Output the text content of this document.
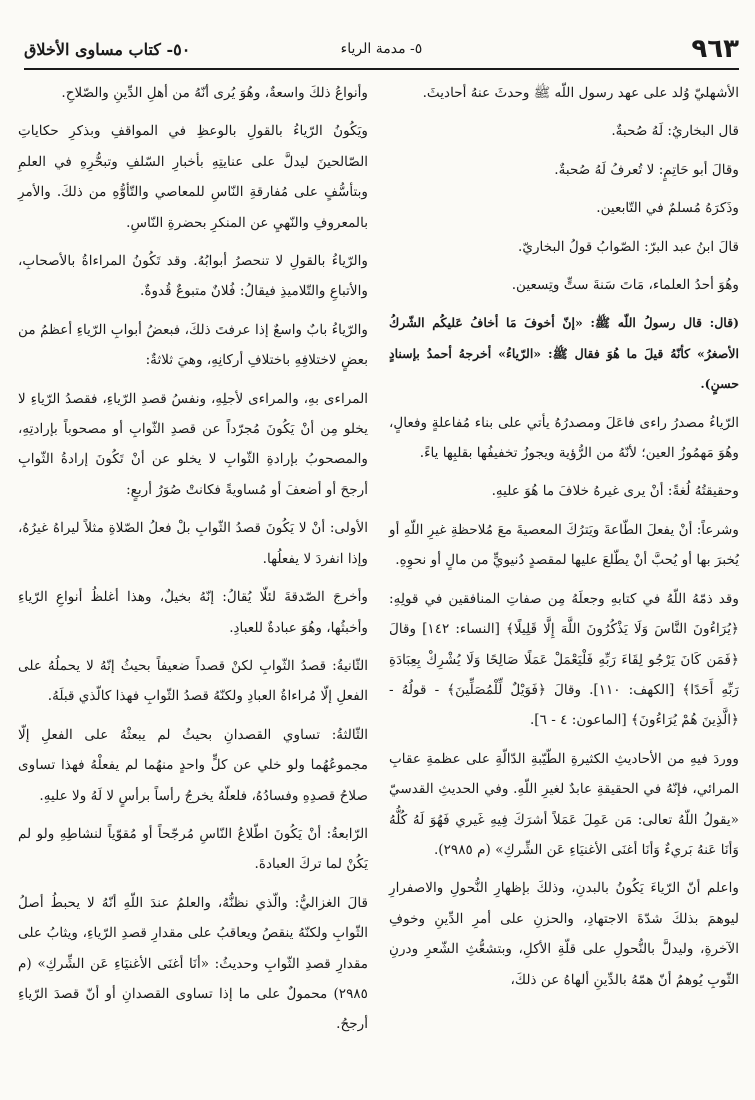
٩٦٣
٥- مدمة الرياء
٥٠- كتاب مساوى الأخلاق

الأشهليّ وُلد على عهد رسول اللّه ﷺ وحدثَ عنهُ أحاديثَ.

قال البخاريُ: لَهُ صُحبةٌ.

وقالَ أبو حَاتِمٍ: لا تُعرفُ لَهُ صُحبةٌ.

وذَكرَهُ مُسلمٌ في التّابعين.

قالَ ابنُ عبد البرّ: الصّوابُ قولُ البخاريّ.

وهُوَ أحدُ العلماء، مَاتَ سَنةَ ستٍّ وتِسعين.

(قال: قال رسولُ اللّه ﷺ: «إنّ أخوفَ مَا أخافُ عَليكُم الشّركُ الأصغرُ» كأنّهُ قيلَ ما هُوَ فقال ﷺ: «الرّياءُ» أخرجهُ أحمدُ بإسنادٍ حسنٍ).

الرّياءُ مصدرُ راءى فاعَلَ ومصدرُهُ يأتي على بناء مُفاعلةٍ وفعالٍ، وهُوَ مَهمُوزُ العين؛ لأنّهُ من الرُّؤية ويجوزُ تخفيفُها بقلبِها ياءً.

وحقيقتُهُ لُغةً: أنْ يرى غيرهُ خلافَ ما هُوَ عليهِ.

وشرعاً: أنْ يفعلَ الطّاعةَ ويَترُكَ المعصيةَ معَ مُلاحظةِ غيرِ اللّهِ أو يُخبرَ بها أو يُحبَّ أنْ يطّلعَ عليها لمقصدٍ دُنيويٍّ من مالٍ أو نحوِهِ.

وقد ذمّهُ اللّهُ في كتابهِ وجعلَهُ مِن صفاتِ المنافقين في قولِهِ: ﴿يُرَاءُونَ النَّاسَ وَلَا يَذْكُرُونَ اللَّهَ إِلَّا قَلِيلًا﴾ [النساء: ١٤٢] وقالَ ﴿فَمَن كَانَ يَرْجُو لِقَاءَ رَبِّهِ فَلْيَعْمَلْ عَمَلًا صَالِحًا وَلَا يُشْرِكْ بِعِبَادَةِ رَبِّهِ أَحَدًا﴾ [الكهف: ١١٠]. وقالَ ﴿فَوَيْلٌ لِّلْمُصَلِّينَ﴾ - قولُهُ - ﴿الَّذِينَ هُمْ يُرَاءُونَ﴾ [الماعون: ٤ - ٦].

ووردَ فيهِ من الأحاديثِ الكثيرةِ الطّيّبةِ الدّالّةِ على عظمةِ عقابِ المرائي، فإنّهُ في الحقيقةِ عابدٌ لغيرِ اللّهِ. وفي الحديثِ القدسيّ «يقولُ اللّهُ تعالى: مَن عَمِلَ عَمَلاً أشرَكَ فِيهِ غَيري فَهُوَ لَهُ كُلُّهُ وَأنَا عَنهُ بَريءٌ وَأنَا أغنَى الأغنيَاءِ عَن الشِّركِ» (م ٢٩٨٥).

واعلم أنّ الرّياءَ يَكُونُ بالبدنِ، وذلكَ بإظهارِ النُّحولِ والاصفرارِ ليوهمَ بذلكَ شدّةَ الاجتهادِ، والحزنِ على أمرِ الدِّينِ وخوفِ الآخرةِ، وليدلَّ بالنُّحولِ على قلّةِ الأكلِ، وبتشعُّثِ الشّعرِ ودرنِ الثّوبِ يُوهمُ أنّ همّهُ بالدِّينِ ألهاهُ عن ذلكَ،

وأنواعُ ذلكَ واسعةٌ، وهُوَ يُرى أنّهُ من أهلِ الدِّينِ والصّلاحِ.

ويَكُونُ الرّياءُ بالقولِ بالوعظِ في المواقفِ وبذكرِ حكاياتِ الصّالحينَ ليدلَّ على عنايتِهِ بأخبارِ السّلفِ وتبحُّرِهِ في العلمِ وبتأسُّفٍ على مُفارقةِ النّاسِ للمعاصي والتّأوُّهِ من ذلكَ. والأمرِ بالمعروفِ والنّهيِ عن المنكرِ بحضرةِ النّاسِ.

والرّياءُ بالقولِ لا تنحصرُ أبوابُهُ. وقد تَكُونُ المراءاةُ بالأصحابِ، والأتباعِ والتّلاميذِ فيقالُ: فُلانٌ متبوعٌ قُدوةٌ.

والرّياءُ بابٌ واسعٌ إذا عرفتَ ذلكَ، فبعضُ أبوابِ الرّياءِ أعظمُ من بعضٍ لاختلافِهِ باختلافِ أركانِهِ، وهيَ ثلاثةٌ:

المراءى بهِ، والمراءى لأجلِهِ، ونفسُ قصدِ الرّياءِ، فقصدُ الرّياءِ لا يخلو مِن أنْ يَكُونَ مُجرّداً عن قصدِ الثّوابِ أو مصحوباً بإرادتِهِ، والمصحوبُ بإرادةِ الثّوابِ لا يخلو عن أنْ تَكُونَ إرادةُ الثّوابِ أرجحَ أو أضعفَ أو مُساويةً فكانتْ صُوَرُ أربعٍ:

الأولى: أنْ لا يَكُونَ قصدُ الثّوابِ بلْ فعلُ الصّلاةِ مثلاً ليراهُ غيرُهُ، وإذا انفردَ لا يفعلُها.

وأخرجَ الصّدقةَ لئلّا يُقالُ: إنّهُ بخيلٌ، وهذا أغلظُ أنواعِ الرّياءِ وأخبثُها، وهُوَ عبادةٌ للعبادِ.

الثّانيةُ: قصدُ الثّوابِ لكنْ قصداً ضعيفاً بحيثُ إنّهُ لا يحملُهُ على الفعلِ إلّا مُراءاةُ العبادِ ولكنّهُ قصدُ الثّوابِ فهذا كالّذي قبلَهُ.

الثّالثةُ: تساوي القصدانِ بحيثُ لم يبعثْهُ على الفعلِ إلّا مجموعُهُما ولو خلي عن كلٍّ واحدٍ منهُما لم يفعلْهُ فهذا تساوى صلاحُ قصدِهِ وفسادُهُ، فلعلّهُ يخرجُ رأساً برأسٍ لا لَهُ ولا عليهِ.

الرّابعةُ: أنْ يَكُونَ اطّلاعُ النّاسِ مُرجّحاً أو مُقوّياً لنشاطِهِ ولو لم يَكُنْ لما تركَ العبادةَ.

قالَ الغزاليُّ: والّذي نظنُّهُ، والعلمُ عندَ اللّهِ أنّهُ لا يحبطُ أصلُ الثّوابِ ولكنّهُ ينقصُ ويعاقبُ على مقدارِ قصدِ الرّياءِ، ويثابُ على مقدارِ قصدِ الثّوابِ وحديثُ: «أنَا أغنَى الأغنيَاءِ عَن الشِّركِ» (م ٢٩٨٥) محمولٌ على ما إذا تساوى القصدانِ أو أنّ قصدَ الرّياءِ أرجحُ.
